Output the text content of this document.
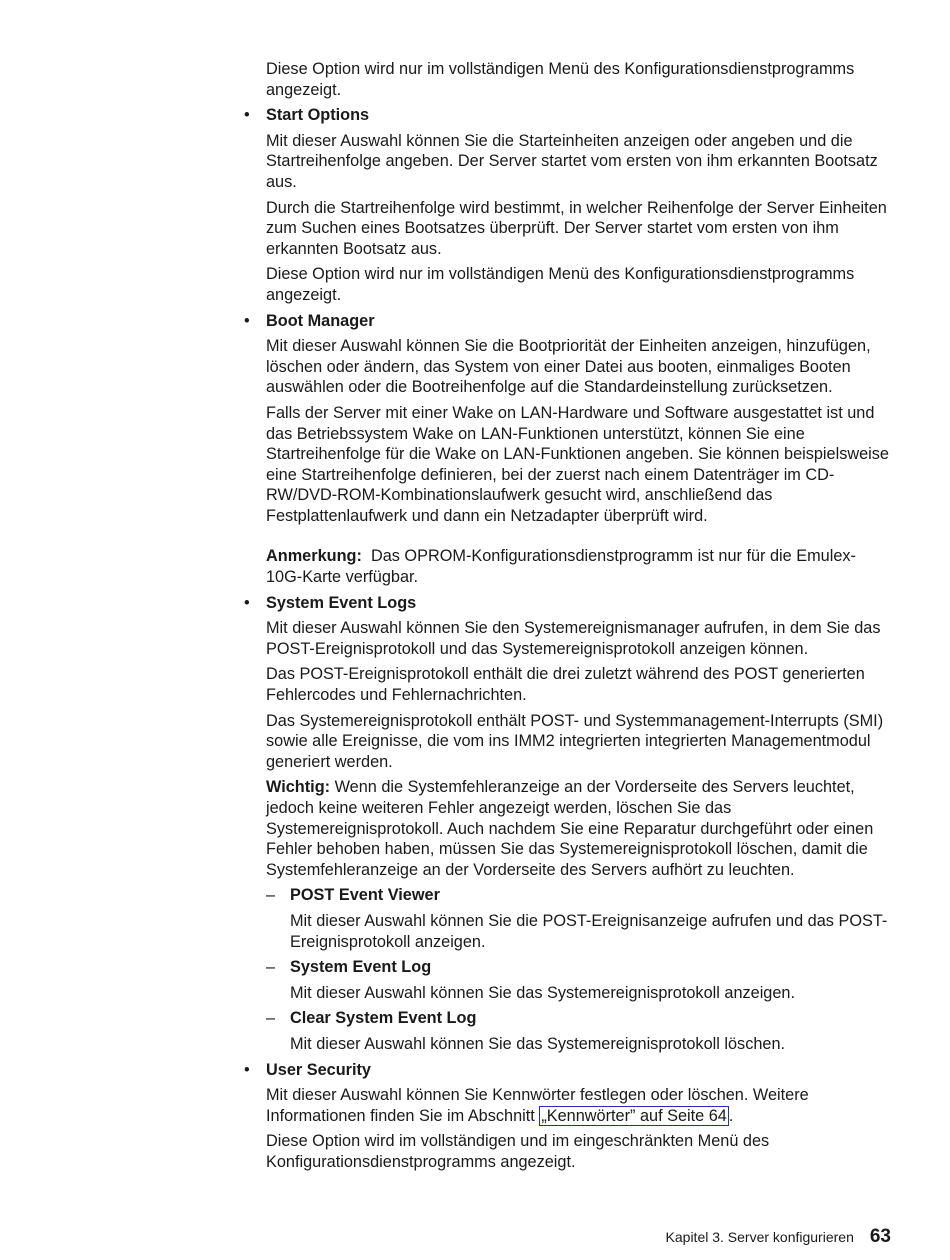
Diese Option wird nur im vollständigen Menü des Konfigurationsdienstprogramms angezeigt.

• Start Options

Mit dieser Auswahl können Sie die Starteinheiten anzeigen oder angeben und die Startreihenfolge angeben. Der Server startet vom ersten von ihm erkannten Bootsatz aus.

Durch die Startreihenfolge wird bestimmt, in welcher Reihenfolge der Server Einheiten zum Suchen eines Bootsatzes überprüft. Der Server startet vom ersten von ihm erkannten Bootsatz aus.

Diese Option wird nur im vollständigen Menü des Konfigurationsdienstprogramms angezeigt.

• Boot Manager

Mit dieser Auswahl können Sie die Bootpriorität der Einheiten anzeigen, hinzufügen, löschen oder ändern, das System von einer Datei aus booten, einmaliges Booten auswählen oder die Bootreihenfolge auf die Standardeinstellung zurücksetzen.

Falls der Server mit einer Wake on LAN-Hardware und Software ausgestattet ist und das Betriebssystem Wake on LAN-Funktionen unterstützt, können Sie eine Startreihenfolge für die Wake on LAN-Funktionen angeben. Sie können beispielsweise eine Startreihenfolge definieren, bei der zuerst nach einem Datenträger im CD-RW/DVD-ROM-Kombinationslaufwerk gesucht wird, anschließend das Festplattenlaufwerk und dann ein Netzadapter überprüft wird.

Anmerkung: Das OPROM-Konfigurationsdienstprogramm ist nur für die Emulex-10G-Karte verfügbar.

• System Event Logs

Mit dieser Auswahl können Sie den Systemereignismanager aufrufen, in dem Sie das POST-Ereignisprotokoll und das Systemereignisprotokoll anzeigen können.

Das POST-Ereignisprotokoll enthält die drei zuletzt während des POST generierten Fehlercodes und Fehlernachrichten.

Das Systemereignisprotokoll enthält POST- und Systemmanagement-Interrupts (SMI) sowie alle Ereignisse, die vom ins IMM2 integrierten integrierten Managementmodul generiert werden.

Wichtig: Wenn die Systemfehleranzeige an der Vorderseite des Servers leuchtet, jedoch keine weiteren Fehler angezeigt werden, löschen Sie das Systemereignisprotokoll. Auch nachdem Sie eine Reparatur durchgeführt oder einen Fehler behoben haben, müssen Sie das Systemereignisprotokoll löschen, damit die Systemfehleranzeige an der Vorderseite des Servers aufhört zu leuchten.

– POST Event Viewer

Mit dieser Auswahl können Sie die POST-Ereignisanzeige aufrufen und das POST-Ereignisprotokoll anzeigen.

– System Event Log

Mit dieser Auswahl können Sie das Systemereignisprotokoll anzeigen.

– Clear System Event Log

Mit dieser Auswahl können Sie das Systemereignisprotokoll löschen.

• User Security

Mit dieser Auswahl können Sie Kennwörter festlegen oder löschen. Weitere Informationen finden Sie im Abschnitt „Kennwörter” auf Seite 64 .

Diese Option wird im vollständigen und im eingeschränkten Menü des Konfigurationsdienstprogramms angezeigt.

Kapitel 3. Server konfigurieren 63
